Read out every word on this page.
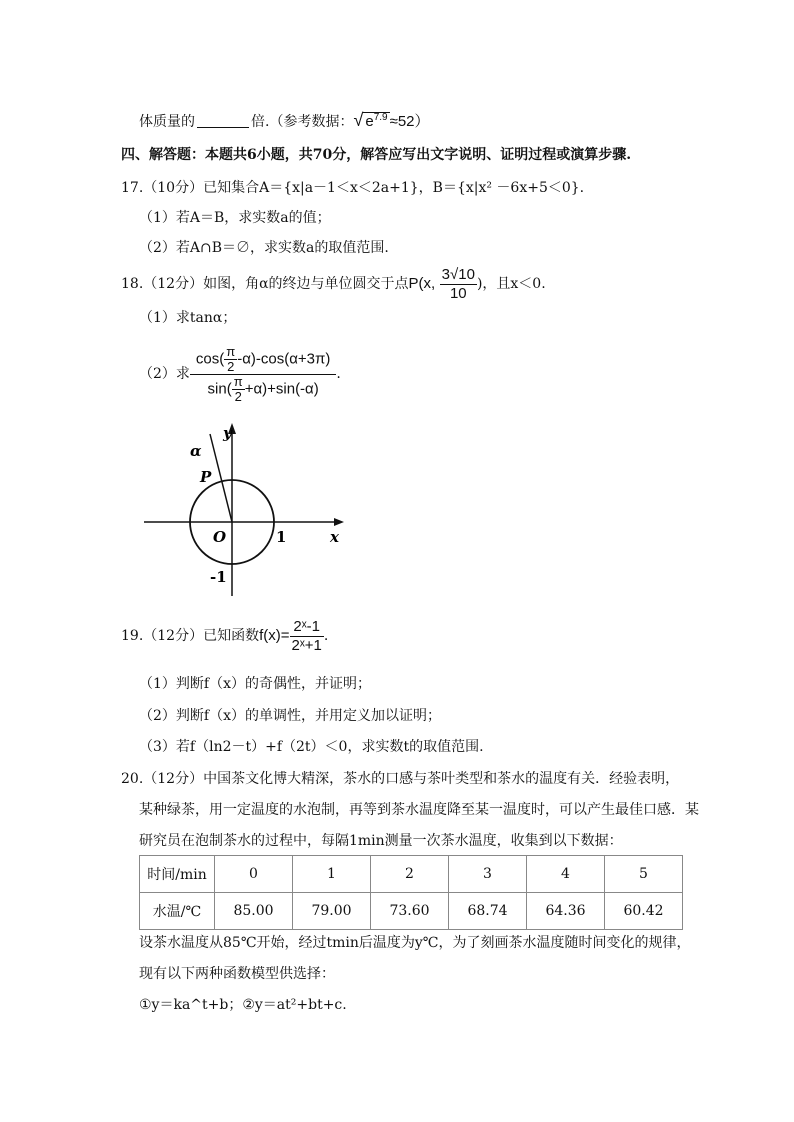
体质量的	倍.（参考数据：√ $e^{7.9} \approx 52$）
四、解答题：本题共6小题，共70分，解答应写出文字说明、证明过程或演算步骤.
17.（10分）已知集合A＝{x|a－1＜x＜2a+1}，B＝{x|x² －6x+5＜0}.
（1）若A＝B，求实数a的值；
（2）若A∩B＝∅，求实数a的取值范围.
18.（12分）如图，角α的终边与单位圆交于点P(x, $\frac{3√10}{10}$ )，且x＜0.
（1）求tanα；
（2）求 $\frac{\cos( \frac{\pi}{2} -\alpha)-\cos(\alpha+3\pi)}{\sin( \frac{\pi}{2} +\alpha)+\sin(-\alpha)}$ .
y
α
P
O	1	x
-1
19.（12分）已知函数$f(x)= \frac{\text{2ˣ-1}}{\text{2ˣ+1}}$ .
（1）判断f（x）的奇偶性，并证明；
（2）判断f（x）的单调性，并用定义加以证明；
（3）若f（ln2－t）+f（2t）＜0，求实数t的取值范围.
20.（12分）中国茶文化博大精深，茶水的口感与茶叶类型和茶水的温度有关．经验表明，
某种绿茶，用一定温度的水泡制，再等到茶水温度降至某一温度时，可以产生最佳口感．某
研究员在泡制茶水的过程中，每隔1min测量一次茶水温度，收集到以下数据：
时间/min	0	1	2	3	4	5
水温/℃	85.00	79.00	73.60	68.74	64.36	60.42
设茶水温度从85℃开始，经过tmin后温度为y℃，为了刻画茶水温度随时间变化的规律，
现有以下两种函数模型供选择：
①y＝ka^t+b；②y＝at²+bt+c.
